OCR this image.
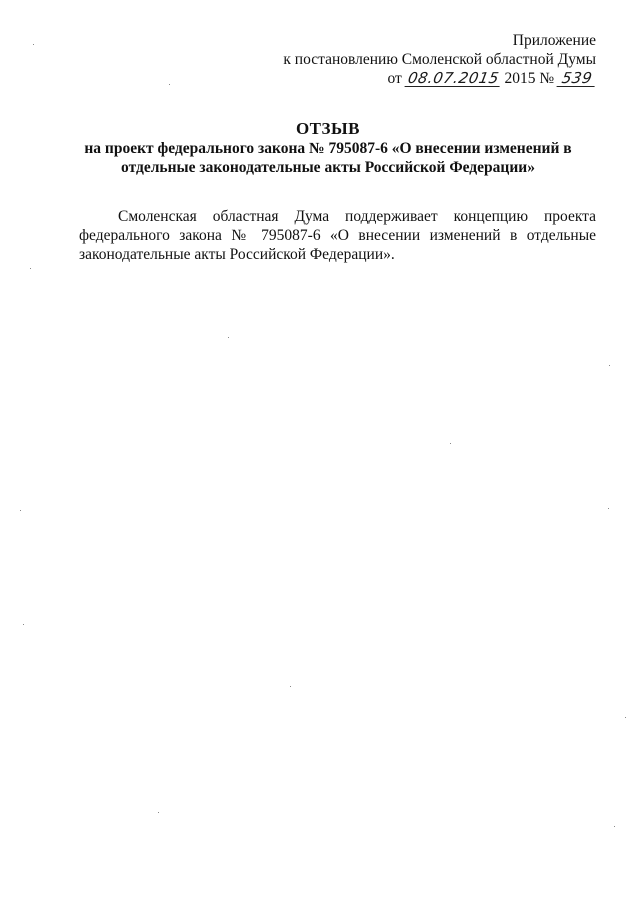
Приложение
к постановлению Смоленской областной Думы
от 08.07.2015 2015 № 539
ОТЗЫВ
на проект федерального закона № 795087-6 «О внесении изменений в
отдельные законодательные акты Российской Федерации»
Смоленская областная Дума поддерживает концепцию проекта федерального закона № 795087-6 «О внесении изменений в отдельные законодательные акты Российской Федерации».
